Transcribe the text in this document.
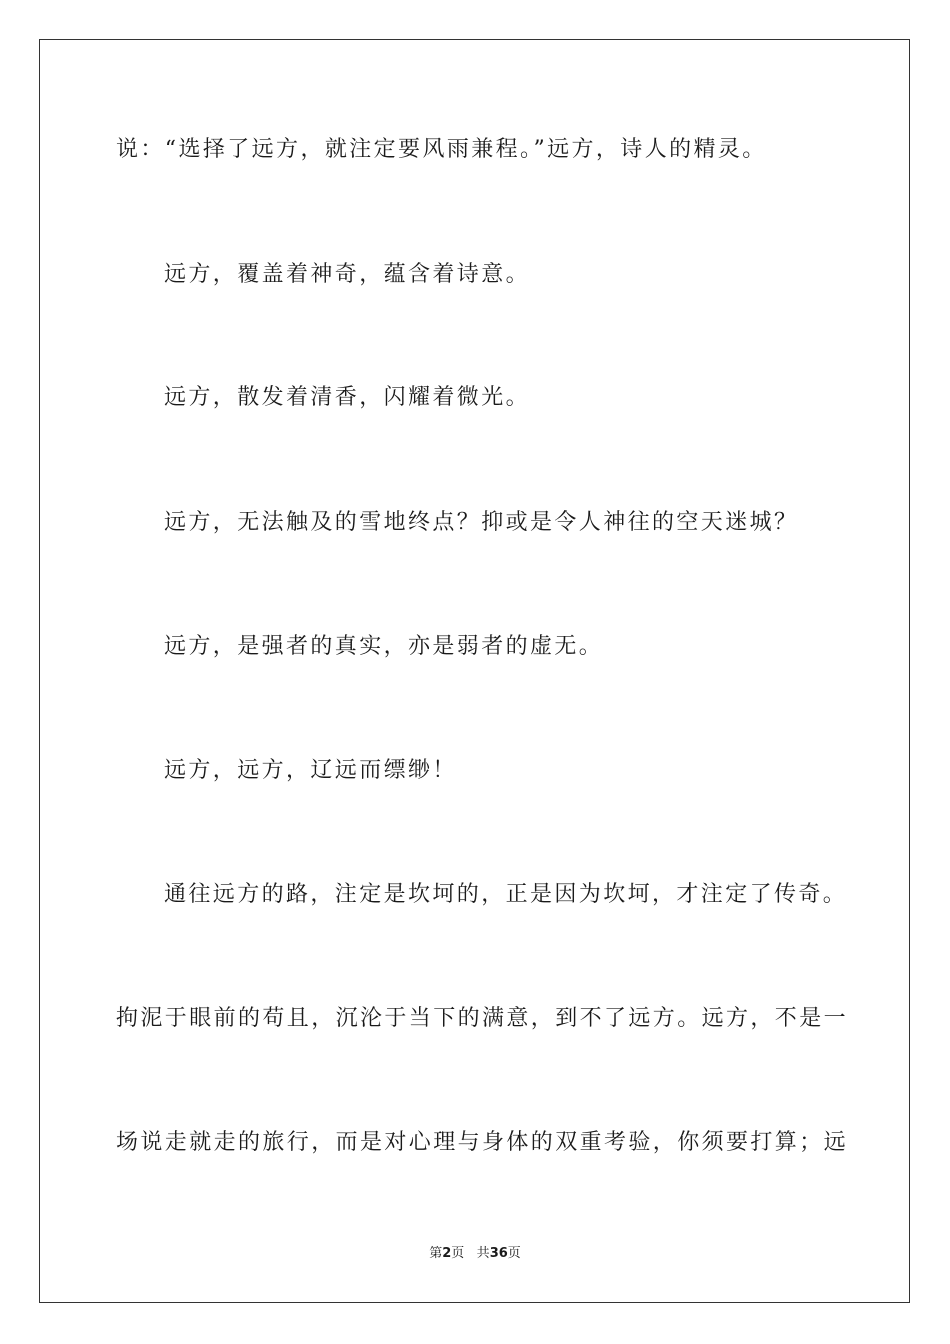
说：“选择了远方，就注定要风雨兼程。”远方，诗人的精灵。
远方，覆盖着神奇，蕴含着诗意。
远方，散发着清香，闪耀着微光。
远方，无法触及的雪地终点？抑或是令人神往的空天迷城？
远方，是强者的真实，亦是弱者的虚无。
远方，远方，辽远而缥缈！
通往远方的路，注定是坎坷的，正是因为坎坷，才注定了传奇。
拘泥于眼前的苟且，沉沦于当下的满意，到不了远方。远方，不是一
场说走就走的旅行，而是对心理与身体的双重考验，你须要打算；远
第2页 共36页
